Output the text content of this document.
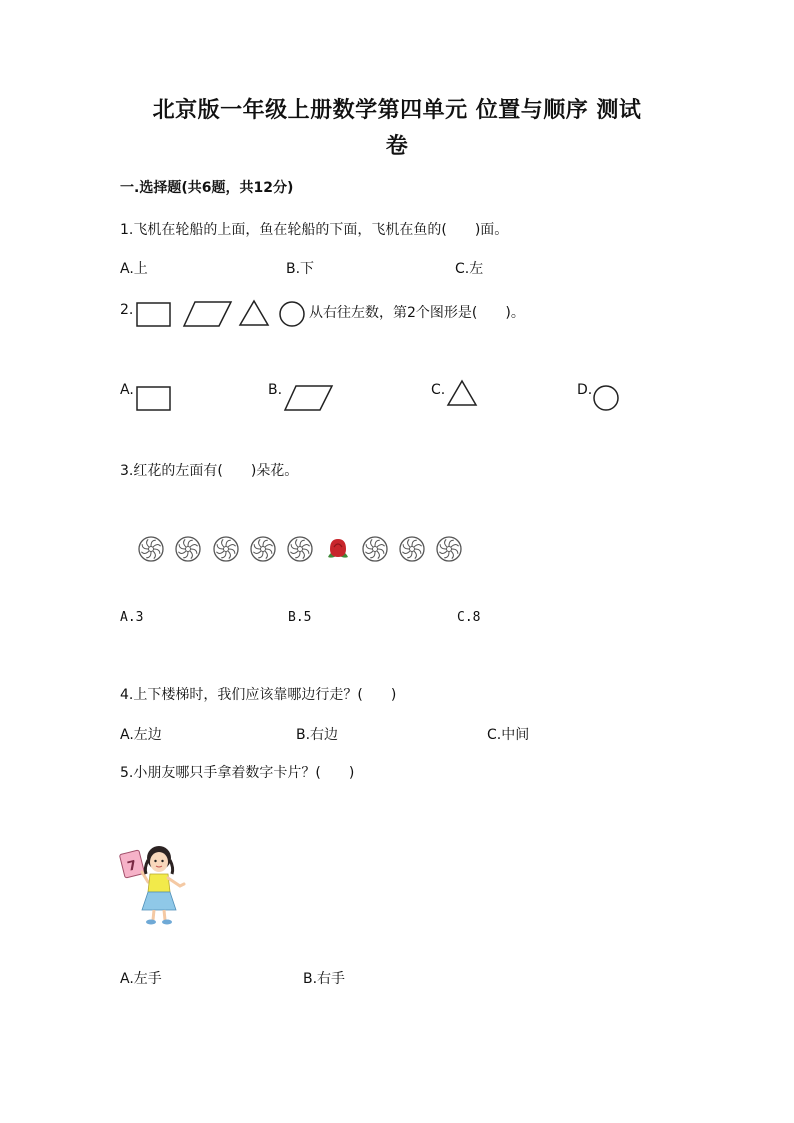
北京版一年级上册数学第四单元 位置与顺序 测试
卷
一.选择题(共6题，共12分)
1.飞机在轮船的上面，鱼在轮船的下面，飞机在鱼的(　　)面。
A.上	B.下	C.左
2.	从右往左数，第2个图形是(　　)。
A.	B.	C.	D.
3.红花的左面有(　　)朵花。
A.3	B.5	C.8
4.上下楼梯时，我们应该靠哪边行走？(　　)
A.左边	B.右边	C.中间
5.小朋友哪只手拿着数字卡片？(　　)
7
A.左手	B.右手
